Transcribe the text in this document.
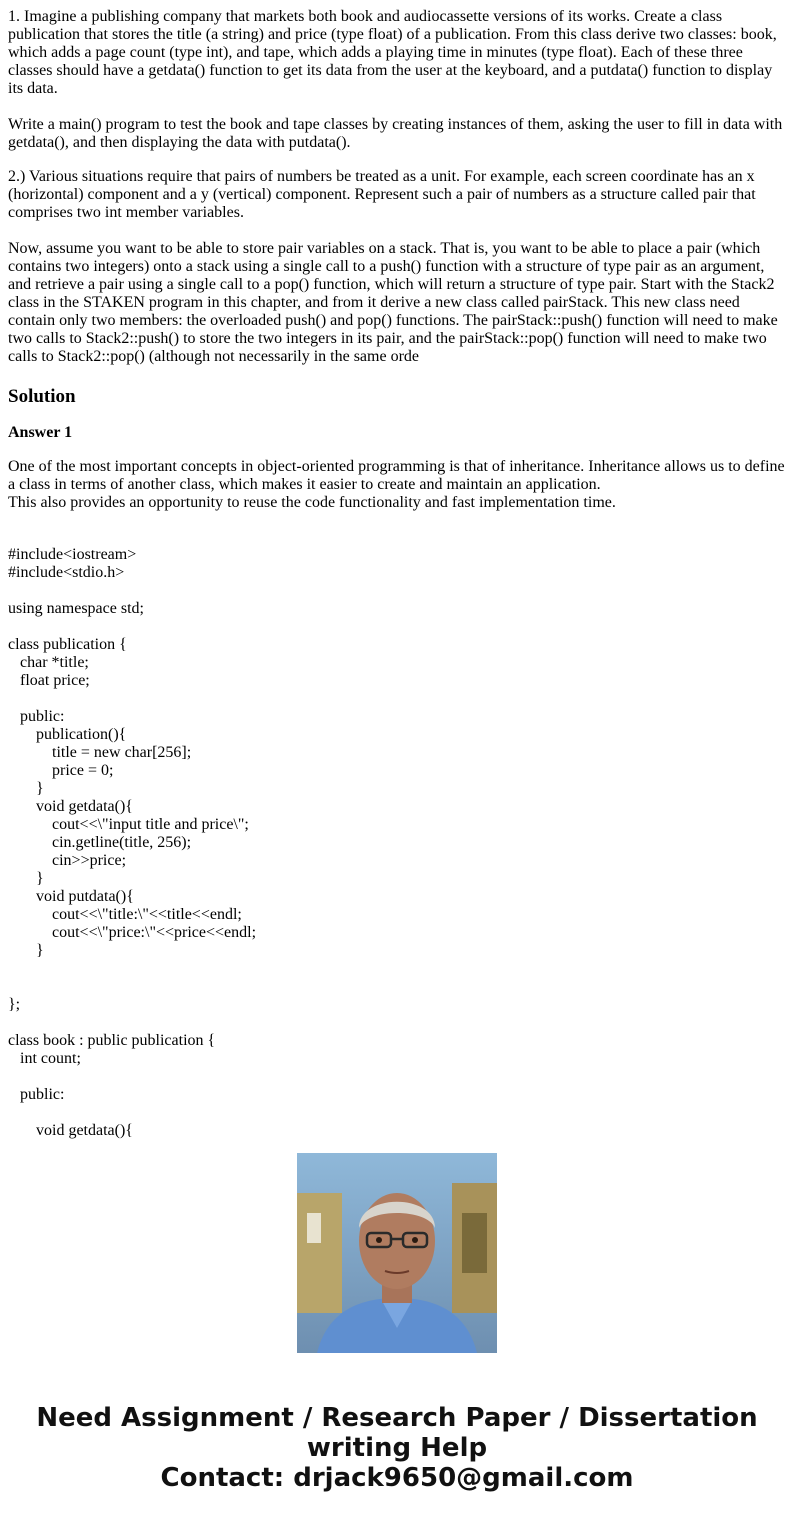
1. Imagine a publishing company that markets both book and audiocassette versions of its works. Create a class publication that stores the title (a string) and price (type float) of a publication. From this class derive two classes: book, which adds a page count (type int), and tape, which adds a playing time in minutes (type float). Each of these three classes should have a getdata() function to get its data from the user at the keyboard, and a putdata() function to display its data.
Write a main() program to test the book and tape classes by creating instances of them, asking the user to fill in data with getdata(), and then displaying the data with putdata().
2.) Various situations require that pairs of numbers be treated as a unit. For example, each screen coordinate has an x (horizontal) component and a y (vertical) component. Represent such a pair of numbers as a structure called pair that comprises two int member variables.
Now, assume you want to be able to store pair variables on a stack. That is, you want to be able to place a pair (which contains two integers) onto a stack using a single call to a push() function with a structure of type pair as an argument, and retrieve a pair using a single call to a pop() function, which will return a structure of type pair. Start with the Stack2 class in the STAKEN program in this chapter, and from it derive a new class called pairStack. This new class need contain only two members: the overloaded push() and pop() functions. The pairStack::push() function will need to make two calls to Stack2::push() to store the two integers in its pair, and the pairStack::pop() function will need to make two calls to Stack2::pop() (although not necessarily in the same orde
Solution
Answer 1
One of the most important concepts in object-oriented programming is that of inheritance. Inheritance allows us to define a class in terms of another class, which makes it easier to create and maintain an application.
This also provides an opportunity to reuse the code functionality and fast implementation time.
#include<iostream>
#include<stdio.h>

using namespace std;

class publication {
char *title;
float price;

public:
publication(){
title = new char[256];
price = 0;
}
void getdata(){
cout<<\"input title and price\";
cin.getline(title, 256);
cin>>price;
}
void putdata(){
cout<<\"title:\"<<title<<endl;
cout<<\"price:\"<<price<<endl;
}

};

class book : public publication {
int count;

public:

void getdata(){
Need Assignment / Research Paper / Dissertation
writing Help
Contact: drjack9650@gmail.com
